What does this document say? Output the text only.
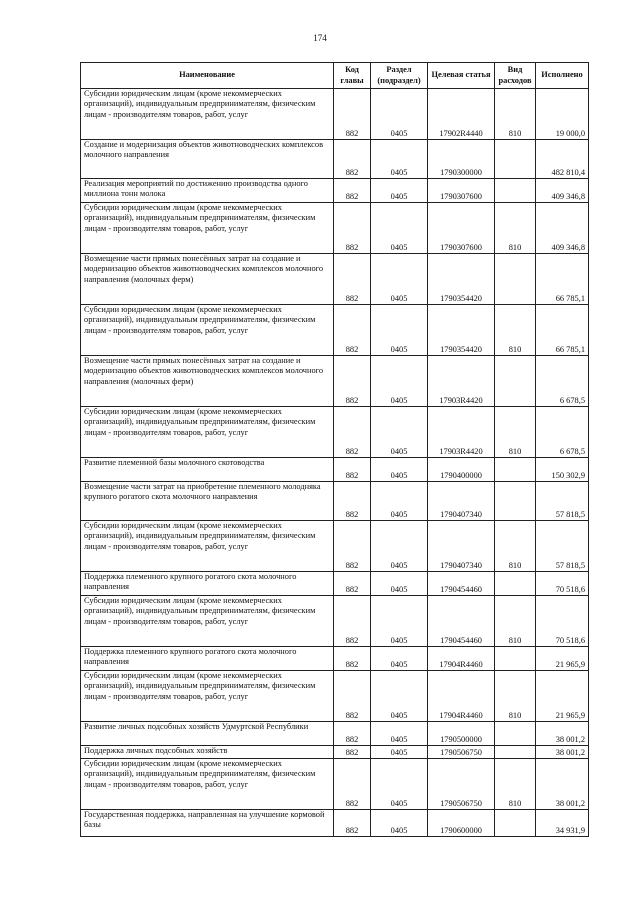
174
Наименование	Код главы	Раздел (подраздел)	Целевая статья	Вид расходов	Исполнено
Субсидии юридическим лицам (кроме некоммерческих организаций), индивидуальным предпринимателям, физическим лицам - производителям товаров, работ, услуг	882	0405	17902R4440	810	19 000,0
Создание и модернизация объектов животноводческих комплексов молочного направления	882	0405	1790300000		482 810,4
Реализация мероприятий по достижению производства одного миллиона тонн молока	882	0405	1790307600		409 346,8
Субсидии юридическим лицам (кроме некоммерческих организаций), индивидуальным предпринимателям, физическим лицам - производителям товаров, работ, услуг	882	0405	1790307600	810	409 346,8
Возмещение части прямых понесённых затрат на создание и модернизацию объектов животноводческих комплексов молочного направления (молочных ферм)	882	0405	1790354420		66 785,1
Субсидии юридическим лицам (кроме некоммерческих организаций), индивидуальным предпринимателям, физическим лицам - производителям товаров, работ, услуг	882	0405	1790354420	810	66 785,1
Возмещение части прямых понесённых затрат на создание и модернизацию объектов животноводческих комплексов молочного направления (молочных ферм)	882	0405	17903R4420		6 678,5
Субсидии юридическим лицам (кроме некоммерческих организаций), индивидуальным предпринимателям, физическим лицам - производителям товаров, работ, услуг	882	0405	17903R4420	810	6 678,5
Развитие племенной базы молочного скотоводства	882	0405	1790400000		150 302,9
Возмещение части затрат на приобретение племенного молодняка крупного рогатого скота молочного направления	882	0405	1790407340		57 818,5
Субсидии юридическим лицам (кроме некоммерческих организаций), индивидуальным предпринимателям, физическим лицам - производителям товаров, работ, услуг	882	0405	1790407340	810	57 818,5
Поддержка племенного крупного рогатого скота молочного направления	882	0405	1790454460		70 518,6
Субсидии юридическим лицам (кроме некоммерческих организаций), индивидуальным предпринимателям, физическим лицам - производителям товаров, работ, услуг	882	0405	1790454460	810	70 518,6
Поддержка племенного крупного рогатого скота молочного направления	882	0405	17904R4460		21 965,9
Субсидии юридическим лицам (кроме некоммерческих организаций), индивидуальным предпринимателям, физическим лицам - производителям товаров, работ, услуг	882	0405	17904R4460	810	21 965,9
Развитие личных подсобных хозяйств Удмуртской Республики	882	0405	1790500000		38 001,2
Поддержка личных подсобных хозяйств	882	0405	1790506750		38 001,2
Субсидии юридическим лицам (кроме некоммерческих организаций), индивидуальным предпринимателям, физическим лицам - производителям товаров, работ, услуг	882	0405	1790506750	810	38 001,2
Государственная поддержка, направленная на улучшение кормовой базы	882	0405	1790600000		34 931,9
